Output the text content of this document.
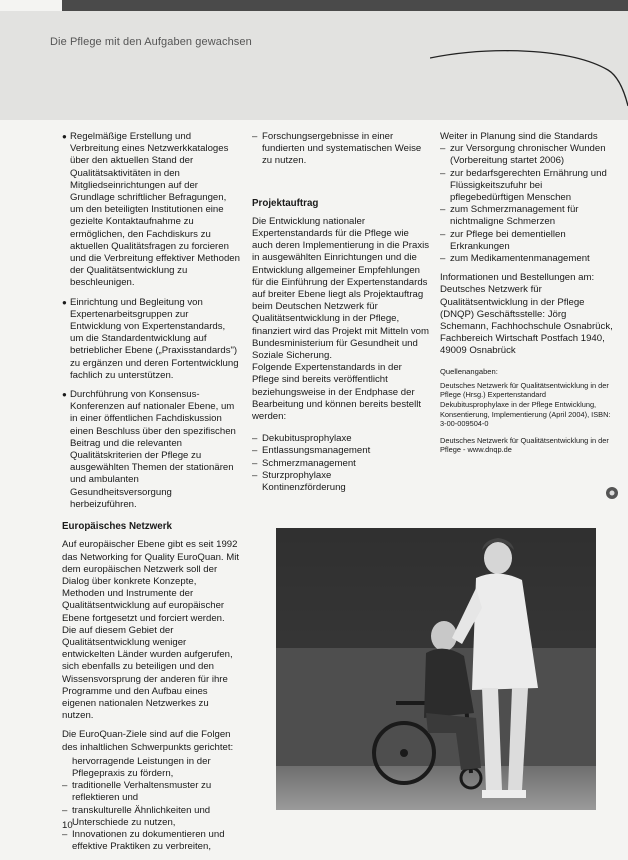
Die Pflege mit den Aufgaben gewachsen
● Regelmäßige Erstellung und Verbreitung eines Netzwerkkataloges über den aktuellen Stand der Qualitätsaktivitäten in den Mitgliedseinrichtungen auf der Grundlage schriftlicher Befragungen, um den beteiligten Institutionen eine gezielte Kontaktaufnahme zu ermöglichen, den Fachdiskurs zu aktuellen Qualitätsfragen zu forcieren und die Verbreitung effektiver Methoden der Qualitätsentwicklung zu beschleunigen.
● Einrichtung und Begleitung von Expertenarbeitsgruppen zur Entwicklung von Expertenstandards, um die Standardentwicklung auf betrieblicher Ebene („Praxisstandards") zu ergänzen und deren Fortentwicklung fachlich zu unterstützen.
● Durchführung von Konsensus-Konferenzen auf nationaler Ebene, um in einer öffentlichen Fachdiskussion einen Beschluss über den spezifischen Beitrag und die relevanten Qualitätskriterien der Pflege zu ausgewählten Themen der stationären und ambulanten Gesundheitsversorgung herbeizuführen.
Europäisches Netzwerk

Auf europäischer Ebene gibt es seit 1992 das Networking for Quality EuroQuan. Mit dem europäischen Netzwerk soll der Dialog über konkrete Konzepte, Methoden und Instrumente der Qualitätsentwicklung auf europäischer Ebene fortgesetzt und forciert werden. Die auf diesem Gebiet der Qualitätsentwicklung weniger entwickelten Länder wurden aufgerufen, sich ebenfalls zu beteiligen und den Wissensvorsprung der anderen für ihre Programme und den Aufbau eines eigenen nationalen Netzwerkes zu nutzen.

Die EuroQuan-Ziele sind auf die Folgen des inhaltlichen Schwerpunkts gerichtet:

hervorragende Leistungen in der Pflegepraxis zu fördern,
– traditionelle Verhaltensmuster zu reflektieren und
– transkulturelle Ähnlichkeiten und Unterschiede zu nutzen,
– Innovationen zu dokumentieren und effektive Praktiken zu verbreiten,
– Forschungsergebnisse in einer fundierten und systematischen Weise zu nutzen.
Projektauftrag

Die Entwicklung nationaler Expertenstandards für die Pflege wie auch deren Implementierung in die Praxis in ausgewählten Einrichtungen und die Entwicklung allgemeiner Empfehlungen für die Einführung der Expertenstandards auf breiter Ebene liegt als Projektauftrag beim Deutschen Netzwerk für Qualitätsentwicklung in der Pflege, finanziert wird das Projekt mit Mitteln vom Bundesministerium für Gesundheit und Soziale Sicherung.

Folgende Expertenstandards in der Pflege sind bereits veröffentlicht beziehungsweise in der Endphase der Bearbeitung und können bereits bestellt werden:

– Dekubitusprophylaxe
– Entlassungsmanagement
– Schmerzmanagement
– Sturzprophylaxe
Kontinenzförderung

Weiter in Planung sind die Standards

– zur Versorgung chronischer Wunden (Vorbereitung startet 2006)
– zur bedarfsgerechten Ernährung und Flüssigkeitszufuhr bei pflegebedürftigen Menschen
– zum Schmerzmanagement für nichtmaligne Schmerzen
– zur Pflege bei dementiellen Erkrankungen
– zum Medikamentenmanagement

Informationen und Bestellungen am: Deutsches Netzwerk für Qualitätsentwicklung in der Pflege (DNQP) Geschäftsstelle: Jörg Schemann, Fachhochschule Osnabrück, Fachbereich Wirtschaft Postfach 1940, 49009 Osnabrück

Quellenangaben:

Deutsches Netzwerk für Qualitätsentwicklung in der Pflege (Hrsg.) Expertenstandard Dekubitusprophylaxe in der Pflege Entwicklung, Konsentierung, Implementierung (April 2004), ISBN: 3-00-009504-0

Deutsches Netzwerk für Qualitätsentwicklung in der Pflege - www.dnqp.de

10
